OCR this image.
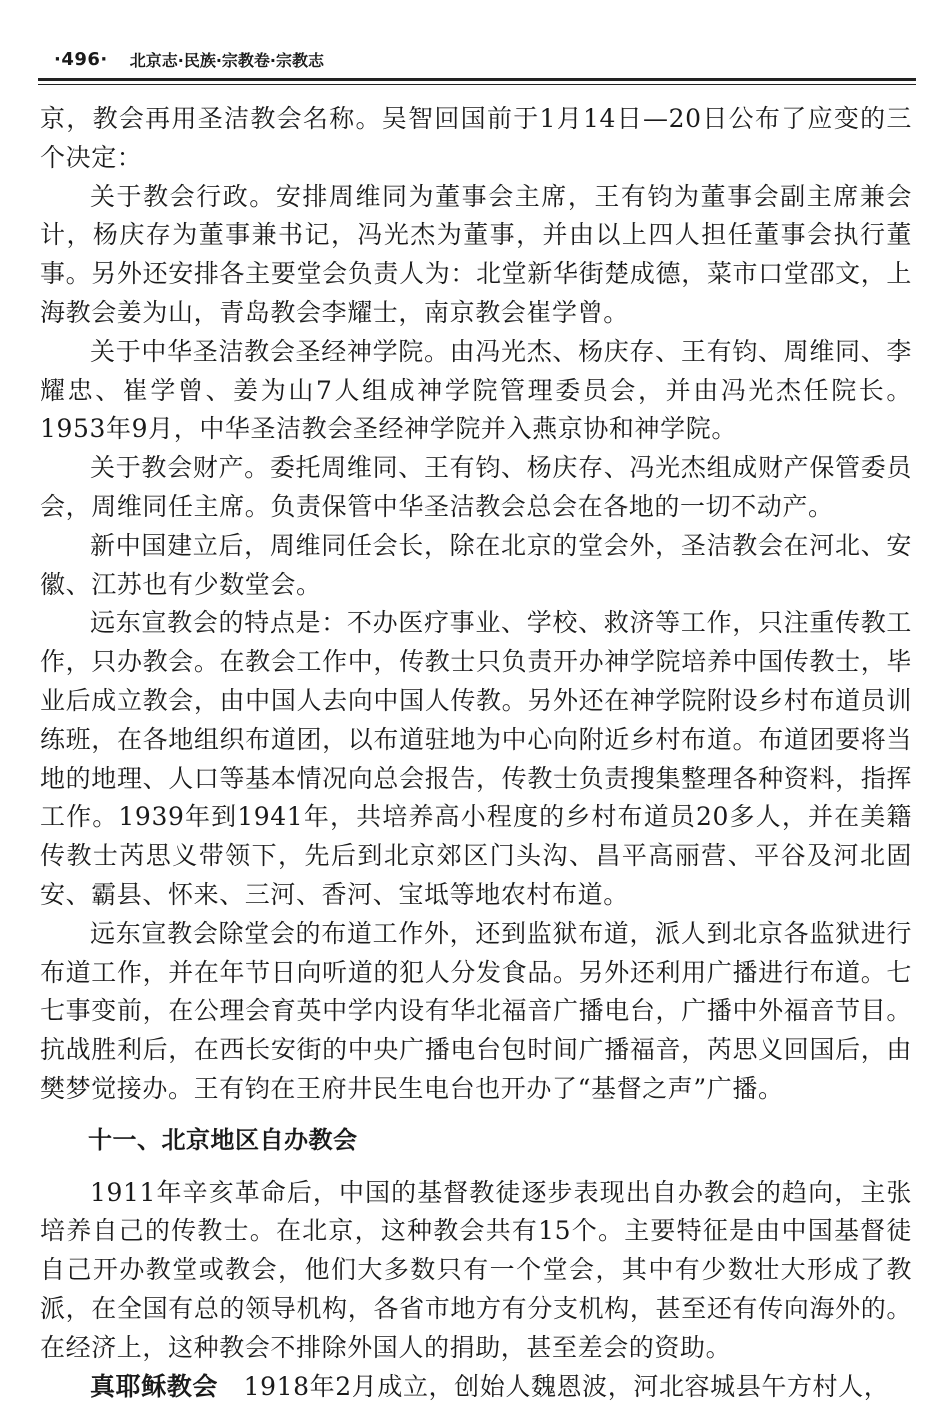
·496· 北京志·民族·宗教卷·宗教志

京，教会再用圣洁教会名称。吴智回国前于1月14日—20日公布了应变的三个决定：

关于教会行政。安排周维同为董事会主席，王有钧为董事会副主席兼会计，杨庆存为董事兼书记，冯光杰为董事，并由以上四人担任董事会执行董事。另外还安排各主要堂会负责人为：北堂新华街楚成德，菜市口堂邵文，上海教会姜为山，青岛教会李耀士，南京教会崔学曾。

关于中华圣洁教会圣经神学院。由冯光杰、杨庆存、王有钧、周维同、李耀忠、崔学曾、姜为山7人组成神学院管理委员会，并由冯光杰任院长。1953年9月，中华圣洁教会圣经神学院并入燕京协和神学院。

关于教会财产。委托周维同、王有钧、杨庆存、冯光杰组成财产保管委员会，周维同任主席。负责保管中华圣洁教会总会在各地的一切不动产。

新中国建立后，周维同任会长，除在北京的堂会外，圣洁教会在河北、安徽、江苏也有少数堂会。

远东宣教会的特点是：不办医疗事业、学校、救济等工作，只注重传教工作，只办教会。在教会工作中，传教士只负责开办神学院培养中国传教士，毕业后成立教会，由中国人去向中国人传教。另外还在神学院附设乡村布道员训练班，在各地组织布道团，以布道驻地为中心向附近乡村布道。布道团要将当地的地理、人口等基本情况向总会报告，传教士负责搜集整理各种资料，指挥工作。1939年到1941年，共培养高小程度的乡村布道员20多人，并在美籍传教士芮思义带领下，先后到北京郊区门头沟、昌平高丽营、平谷及河北固安、霸县、怀来、三河、香河、宝坻等地农村布道。

远东宣教会除堂会的布道工作外，还到监狱布道，派人到北京各监狱进行布道工作，并在年节日向听道的犯人分发食品。另外还利用广播进行布道。七七事变前，在公理会育英中学内设有华北福音广播电台，广播中外福音节目。抗战胜利后，在西长安街的中央广播电台包时间广播福音，芮思义回国后，由樊梦觉接办。王有钧在王府井民生电台也开办了“基督之声”广播。

十一、北京地区自办教会

1911年辛亥革命后，中国的基督教徒逐步表现出自办教会的趋向，主张培养自己的传教士。在北京，这种教会共有15个。主要特征是由中国基督徒自己开办教堂或教会，他们大多数只有一个堂会，其中有少数壮大形成了教派，在全国有总的领导机构，各省市地方有分支机构，甚至还有传向海外的。在经济上，这种教会不排除外国人的捐助，甚至差会的资助。

真耶稣教会　1918年2月成立，创始人魏恩波，河北容城县午方村人，
